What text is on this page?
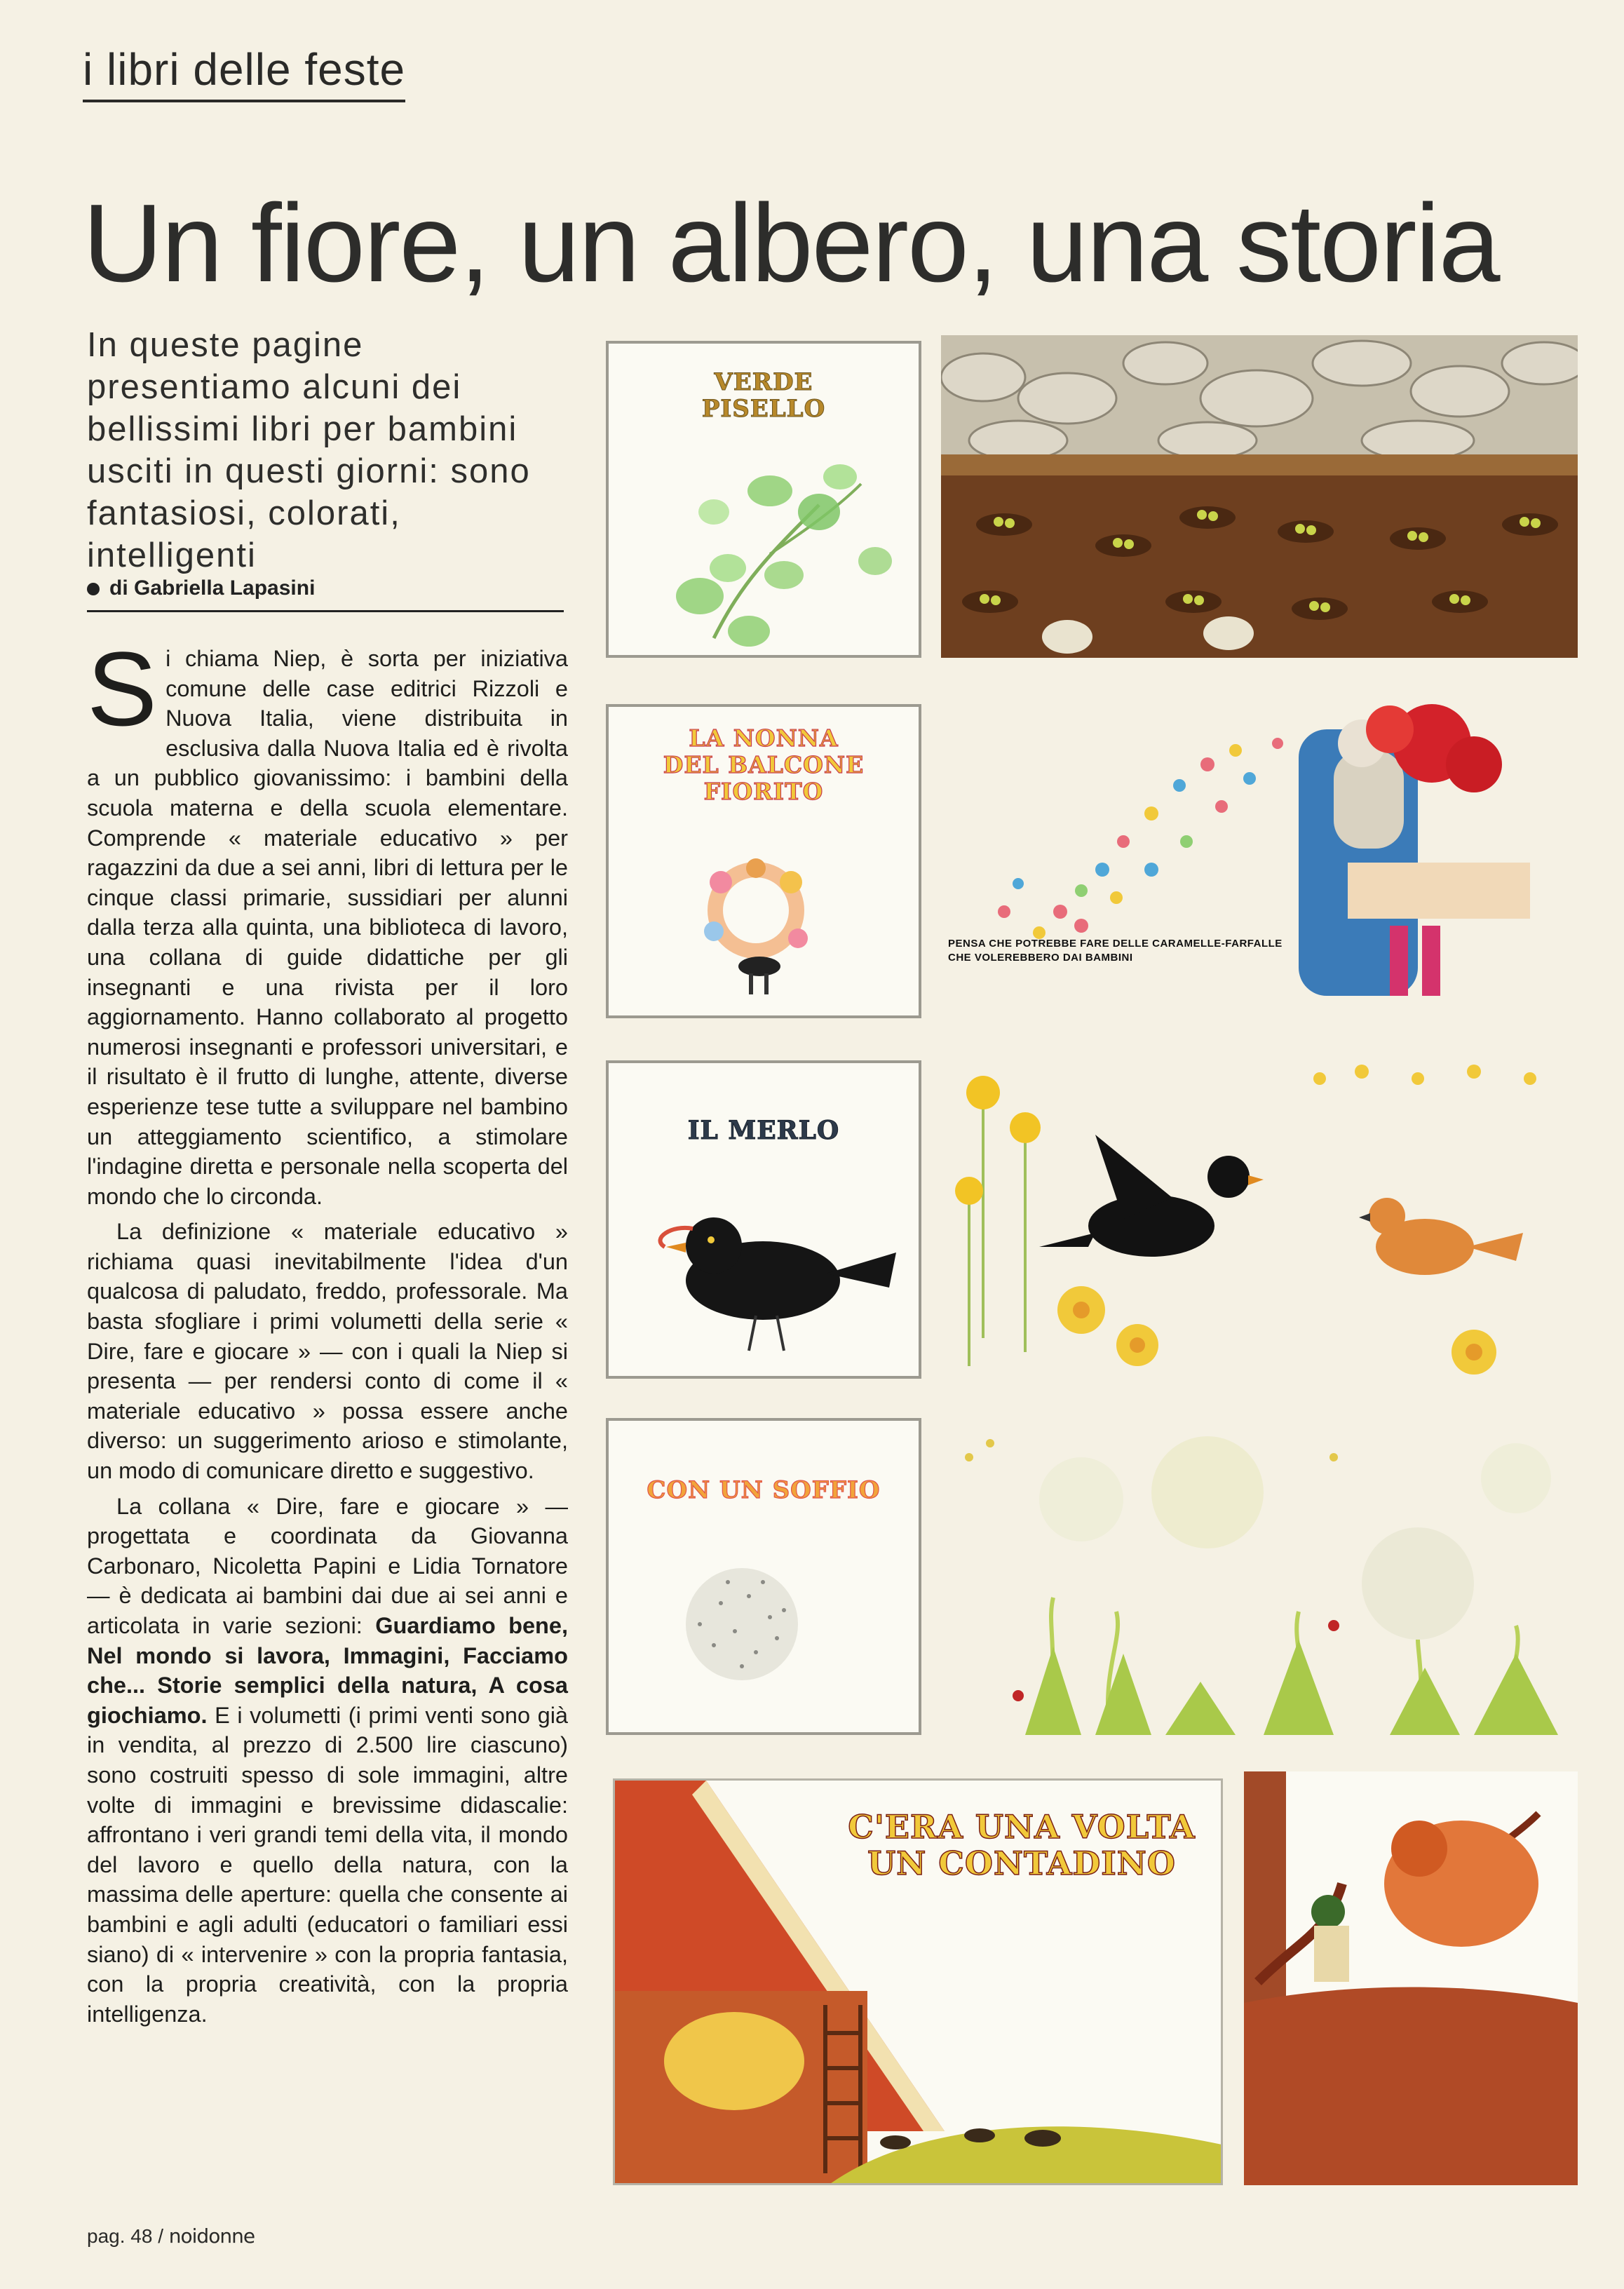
i libri delle feste
Un fiore, un albero, una storia
In queste pagine presentiamo alcuni dei bellissimi libri per bambini usciti in questi giorni: sono fantasiosi, colorati, intelligenti
di Gabriella Lapasini

Si chiama Niep, è sorta per iniziativa comune delle case editrici Rizzoli e Nuova Italia, viene distribuita in esclusiva dalla Nuova Italia ed è rivolta a un pubblico giovanissimo: i bambini della scuola materna e della scuola elementare. Comprende « materiale educativo » per ragazzini da due a sei anni, libri di lettura per le cinque classi primarie, sussidiari per alunni dalla terza alla quinta, una biblioteca di lavoro, una collana di guide didattiche per gli insegnanti e una rivista per il loro aggiornamento. Hanno collaborato al progetto numerosi insegnanti e professori universitari, e il risultato è il frutto di lunghe, attente, diverse esperienze tese tutte a sviluppare nel bambino un atteggiamento scientifico, a stimolare l'indagine diretta e personale nella scoperta del mondo che lo circonda.

La definizione « materiale educativo » richiama quasi inevitabilmente l'idea d'un qualcosa di paludato, freddo, professorale. Ma basta sfogliare i primi volumetti della serie « Dire, fare e giocare » — con i quali la Niep si presenta — per rendersi conto di come il « materiale educativo » possa essere anche diverso: un suggerimento arioso e stimolante, un modo di comunicare diretto e suggestivo.

La collana « Dire, fare e giocare » — progettata e coordinata da Giovanna Carbonaro, Nicoletta Papini e Lidia Tornatore — è dedicata ai bambini dai due ai sei anni e articolata in varie sezioni: Guardiamo bene, Nel mondo si lavora, Immagini, Facciamo che... Storie semplici della natura, A cosa giochiamo. E i volumetti (i primi venti sono già in vendita, al prezzo di 2.500 lire ciascuno) sono costruiti spesso di sole immagini, altre volte di immagini e brevissime didascalie: affrontano i veri grandi temi della vita, il mondo del lavoro e quello della natura, con la massima delle aperture: quella che consente ai bambini e agli adulti (educatori o familiari essi siano) di « intervenire » con la propria fantasia, con la propria creatività, con la propria intelligenza.

VERDE
PISELLO
LA NONNA
DEL BALCONE
FIORITO
PENSA CHE POTREBBE FARE DELLE CARAMELLE-FARFALLE
CHE VOLEREBBERO DAI BAMBINI
IL MERLO
CON UN SOFFIO
C'ERA UNA VOLTA
UN CONTADINO
pag. 48 / noidonne
